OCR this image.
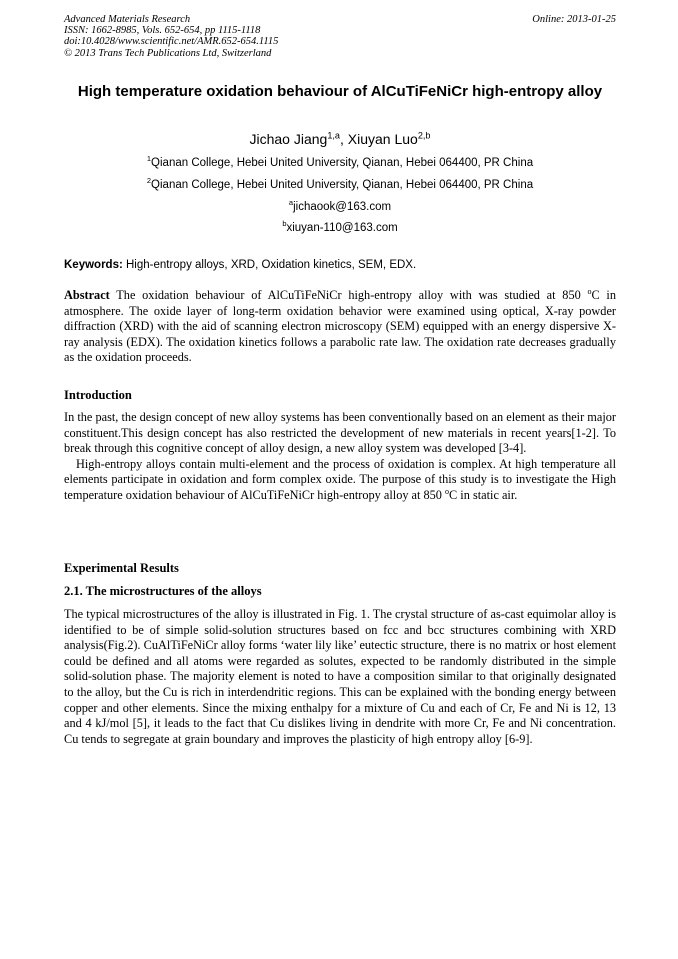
Advanced Materials Research
ISSN: 1662-8985, Vols. 652-654, pp 1115-1118
doi:10.4028/www.scientific.net/AMR.652-654.1115
© 2013 Trans Tech Publications Ltd, Switzerland
Online: 2013-01-25
High temperature oxidation behaviour of AlCuTiFeNiCr high-entropy alloy
Jichao Jiang$^{1,a}$, Xiuyan Luo$^{2,b}$
$^1$Qianan College, Hebei United University, Qianan, Hebei 064400, PR China
$^2$Qianan College, Hebei United University, Qianan, Hebei 064400, PR China
$^a$jichaook@163.com
$^b$xiuyan-110@163.com
Keywords: High-entropy alloys, XRD, Oxidation kinetics, SEM, EDX.
Abstract The oxidation behaviour of AlCuTiFeNiCr high-entropy alloy with was studied at 850 $^o$C in atmosphere. The oxide layer of long-term oxidation behavior were examined using optical, X-ray powder diffraction (XRD) with the aid of scanning electron microscopy (SEM) equipped with an energy dispersive X-ray analysis (EDX). The oxidation kinetics follows a parabolic rate law. The oxidation rate decreases gradually as the oxidation proceeds.
Introduction

In the past, the design concept of new alloy systems has been conventionally based on an element as their major constituent.This design concept has also restricted the development of new materials in recent years[1-2]. To break through this cognitive concept of alloy design, a new alloy system was developed [3-4].

High-entropy alloys contain multi-element and the process of oxidation is complex. At high temperature all elements participate in oxidation and form complex oxide. The purpose of this study is to investigate the High temperature oxidation behaviour of AlCuTiFeNiCr high-entropy alloy at 850 $^o$C in static air.

Experimental Results
2.1. The microstructures of the alloys

The typical microstructures of the alloy is illustrated in Fig. 1. The crystal structure of as-cast equimolar alloy is identified to be of simple solid-solution structures based on fcc and bcc structures combining with XRD analysis(Fig.2). CuAlTiFeNiCr alloy forms ‘water lily like’ eutectic structure, there is no matrix or host element could be defined and all atoms were regarded as solutes, expected to be randomly distributed in the simple solid-solution phase. The majority element is noted to have a composition similar to that originally designated to the alloy, but the Cu is rich in interdendritic regions. This can be explained with the bonding energy between copper and other elements. Since the mixing enthalpy for a mixture of Cu and each of Cr, Fe and Ni is 12, 13 and 4 kJ/mol [5], it leads to the fact that Cu dislikes living in dendrite with more Cr, Fe and Ni concentration. Cu tends to segregate at grain boundary and improves the plasticity of high entropy alloy [6-9].
